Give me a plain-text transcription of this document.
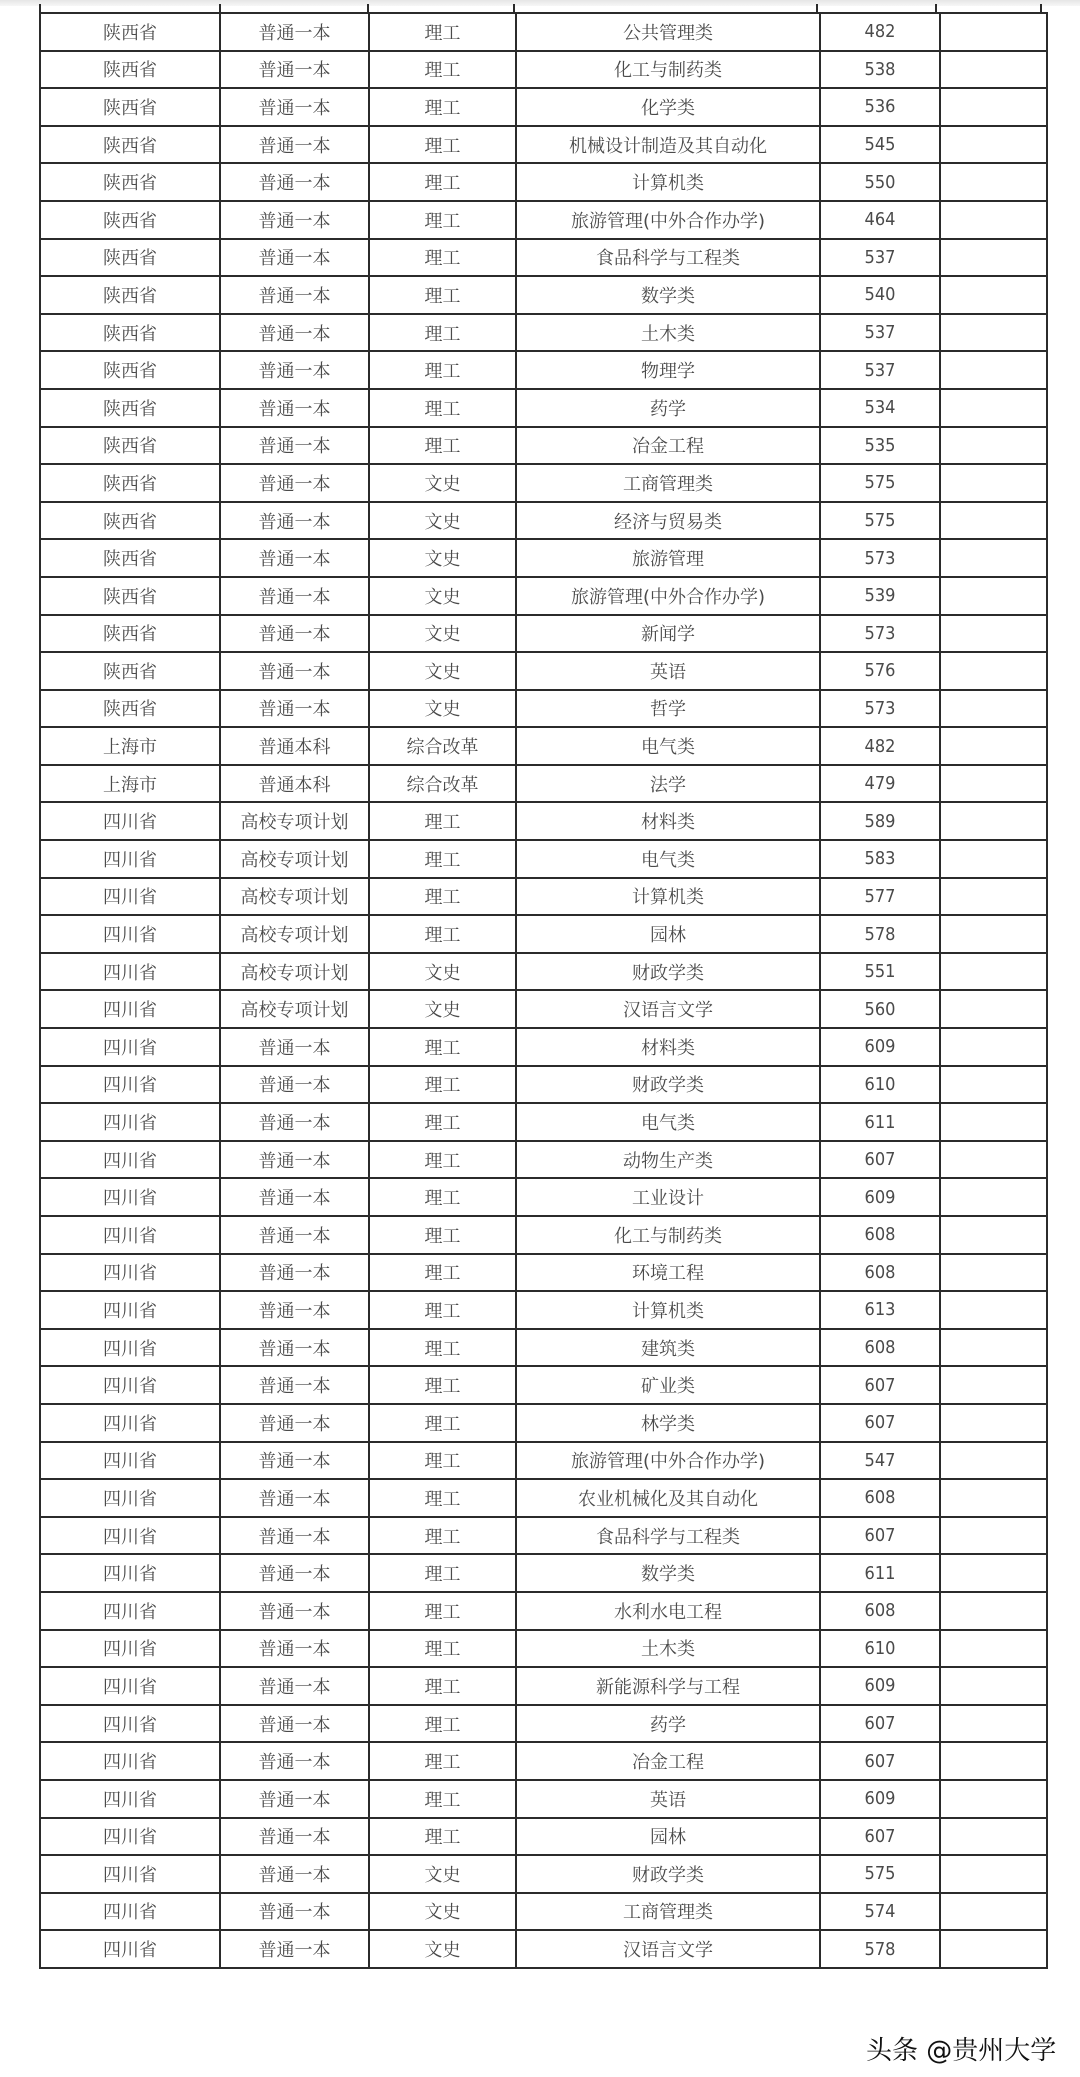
陕西省	普通一本	理工	公共管理类	482	
陕西省	普通一本	理工	化工与制药类	538	
陕西省	普通一本	理工	化学类	536	
陕西省	普通一本	理工	机械设计制造及其自动化	545	
陕西省	普通一本	理工	计算机类	550	
陕西省	普通一本	理工	旅游管理(中外合作办学)	464	
陕西省	普通一本	理工	食品科学与工程类	537	
陕西省	普通一本	理工	数学类	540	
陕西省	普通一本	理工	土木类	537	
陕西省	普通一本	理工	物理学	537	
陕西省	普通一本	理工	药学	534	
陕西省	普通一本	理工	冶金工程	535	
陕西省	普通一本	文史	工商管理类	575	
陕西省	普通一本	文史	经济与贸易类	575	
陕西省	普通一本	文史	旅游管理	573	
陕西省	普通一本	文史	旅游管理(中外合作办学)	539	
陕西省	普通一本	文史	新闻学	573	
陕西省	普通一本	文史	英语	576	
陕西省	普通一本	文史	哲学	573	
上海市	普通本科	综合改革	电气类	482	
上海市	普通本科	综合改革	法学	479	
四川省	高校专项计划	理工	材料类	589	
四川省	高校专项计划	理工	电气类	583	
四川省	高校专项计划	理工	计算机类	577	
四川省	高校专项计划	理工	园林	578	
四川省	高校专项计划	文史	财政学类	551	
四川省	高校专项计划	文史	汉语言文学	560	
四川省	普通一本	理工	材料类	609	
四川省	普通一本	理工	财政学类	610	
四川省	普通一本	理工	电气类	611	
四川省	普通一本	理工	动物生产类	607	
四川省	普通一本	理工	工业设计	609	
四川省	普通一本	理工	化工与制药类	608	
四川省	普通一本	理工	环境工程	608	
四川省	普通一本	理工	计算机类	613	
四川省	普通一本	理工	建筑类	608	
四川省	普通一本	理工	矿业类	607	
四川省	普通一本	理工	林学类	607	
四川省	普通一本	理工	旅游管理(中外合作办学)	547	
四川省	普通一本	理工	农业机械化及其自动化	608	
四川省	普通一本	理工	食品科学与工程类	607	
四川省	普通一本	理工	数学类	611	
四川省	普通一本	理工	水利水电工程	608	
四川省	普通一本	理工	土木类	610	
四川省	普通一本	理工	新能源科学与工程	609	
四川省	普通一本	理工	药学	607	
四川省	普通一本	理工	冶金工程	607	
四川省	普通一本	理工	英语	609	
四川省	普通一本	理工	园林	607	
四川省	普通一本	文史	财政学类	575	
四川省	普通一本	文史	工商管理类	574	
四川省	普通一本	文史	汉语言文学	578	
头条 @贵州大学
